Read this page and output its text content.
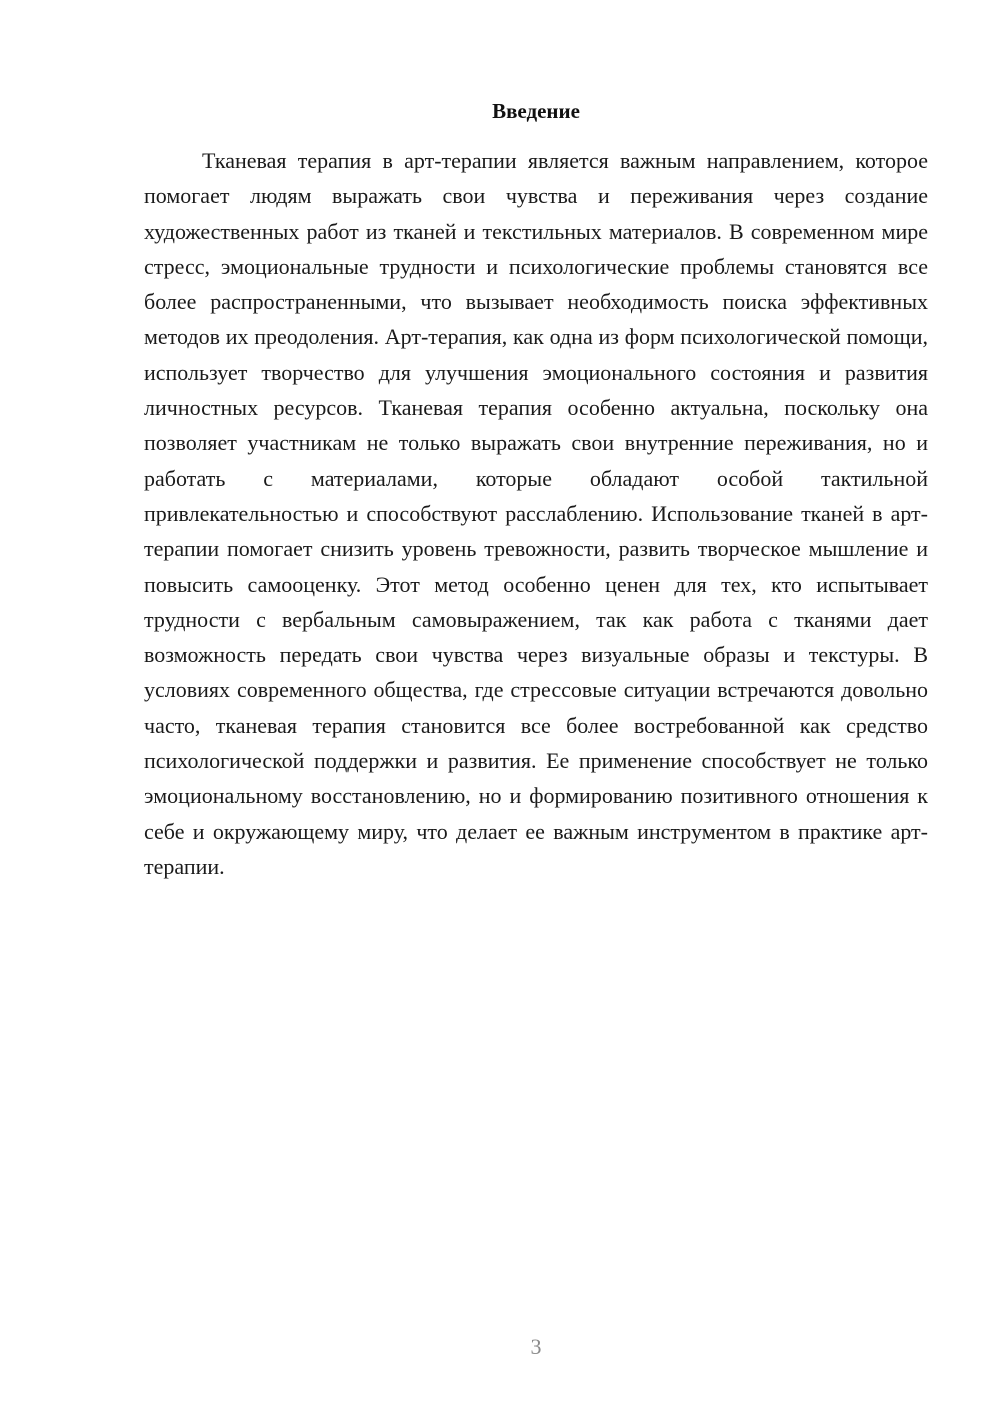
Введение

Тканевая терапия в арт-терапии является важным направлением, которое помогает людям выражать свои чувства и переживания через создание художественных работ из тканей и текстильных материалов. В современном мире стресс, эмоциональные трудности и психологические проблемы становятся все более распространенными, что вызывает необходимость поиска эффективных методов их преодоления. Арт-терапия, как одна из форм психологической помощи, использует творчество для улучшения эмоционального состояния и развития личностных ресурсов. Тканевая терапия особенно актуальна, поскольку она позволяет участникам не только выражать свои внутренние переживания, но и работать с материалами, которые обладают особой тактильной привлекательностью и способствуют расслаблению. Использование тканей в арт-терапии помогает снизить уровень тревожности, развить творческое мышление и повысить самооценку. Этот метод особенно ценен для тех, кто испытывает трудности с вербальным самовыражением, так как работа с тканями дает возможность передать свои чувства через визуальные образы и текстуры. В условиях современного общества, где стрессовые ситуации встречаются довольно часто, тканевая терапия становится все более востребованной как средство психологической поддержки и развития. Ее применение способствует не только эмоциональному восстановлению, но и формированию позитивного отношения к себе и окружающему миру, что делает ее важным инструментом в практике арт-терапии.

3
